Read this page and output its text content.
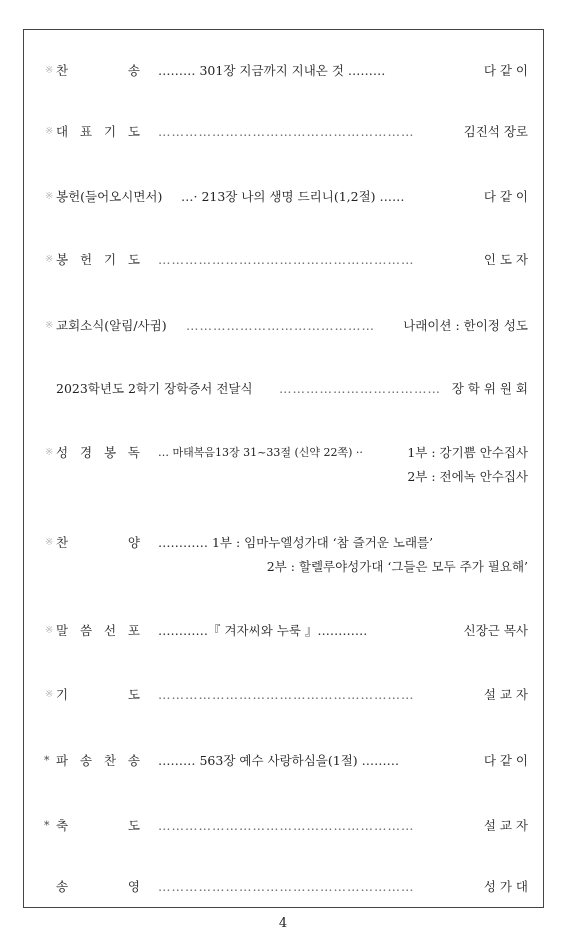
※ 찬	송 ……… 301장 지금까지 지내온 것 ………	다 같 이
※ 대 표 기 도 …………………………………………………	김진석 장로
※ 봉헌(들어오시면서) …· 213장 나의 생명 드리니(1,2절) ……	다 같 이
※ 봉 헌 기 도 …………………………………………………	인 도 자
※ 교회소식(알림/사귐) …………………………………… 나래이션 : 한이정 성도
2023학년도 2학기 장학증서 전달식 ……………………………… 장 학 위 원 회
※ 성 경 봉 독 … 마태복음13장 31~33절 (신약 22쪽) ··	1부 : 강기쁨 안수집사
2부 : 전에녹 안수집사
※ 찬	양 ………… 1부 : 임마누엘성가대 ‘참 즐거운 노래를’
2부 : 할렐루야성가대 ‘그들은 모두 주가 필요해’
※ 말 씀 선 포 …………『 겨자씨와 누룩 』…………	신장근 목사
※ 기	도 …………………………………………………	설 교 자
* 파 송 찬 송 ……… 563장 예수 사랑하심을(1절) ………	다 같 이
* 축	도 …………………………………………………	설 교 자
송	영 …………………………………………………	성 가 대
4
